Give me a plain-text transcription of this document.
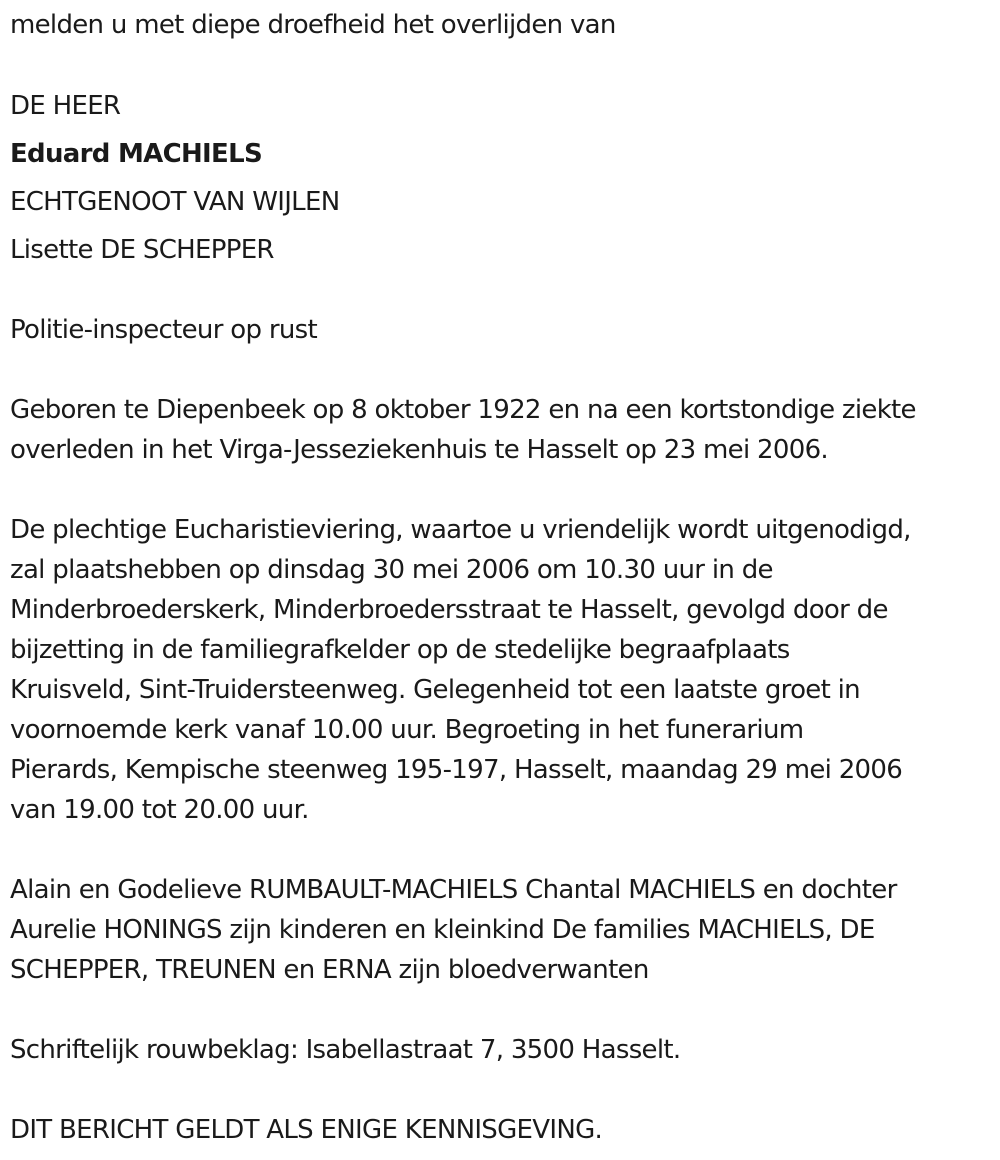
melden u met diepe droefheid het overlijden van
DE HEER
Eduard MACHIELS
ECHTGENOOT VAN WIJLEN
Lisette DE SCHEPPER
Politie-inspecteur op rust
Geboren te Diepenbeek op 8 oktober 1922 en na een kortstondige ziekte
overleden in het Virga-Jesseziekenhuis te Hasselt op 23 mei 2006.
De plechtige Eucharistieviering, waartoe u vriendelijk wordt uitgenodigd,
zal plaatshebben op dinsdag 30 mei 2006 om 10.30 uur in de
Minderbroederskerk, Minderbroedersstraat te Hasselt, gevolgd door de
bijzetting in de familiegrafkelder op de stedelijke begraafplaats
Kruisveld, Sint-Truidersteenweg. Gelegenheid tot een laatste groet in
voornoemde kerk vanaf 10.00 uur. Begroeting in het funerarium
Pierards, Kempische steenweg 195-197, Hasselt, maandag 29 mei 2006
van 19.00 tot 20.00 uur.
Alain en Godelieve RUMBAULT-MACHIELS Chantal MACHIELS en dochter
Aurelie HONINGS zijn kinderen en kleinkind De families MACHIELS, DE
SCHEPPER, TREUNEN en ERNA zijn bloedverwanten
Schriftelijk rouwbeklag: Isabellastraat 7, 3500 Hasselt.
DIT BERICHT GELDT ALS ENIGE KENNISGEVING.
